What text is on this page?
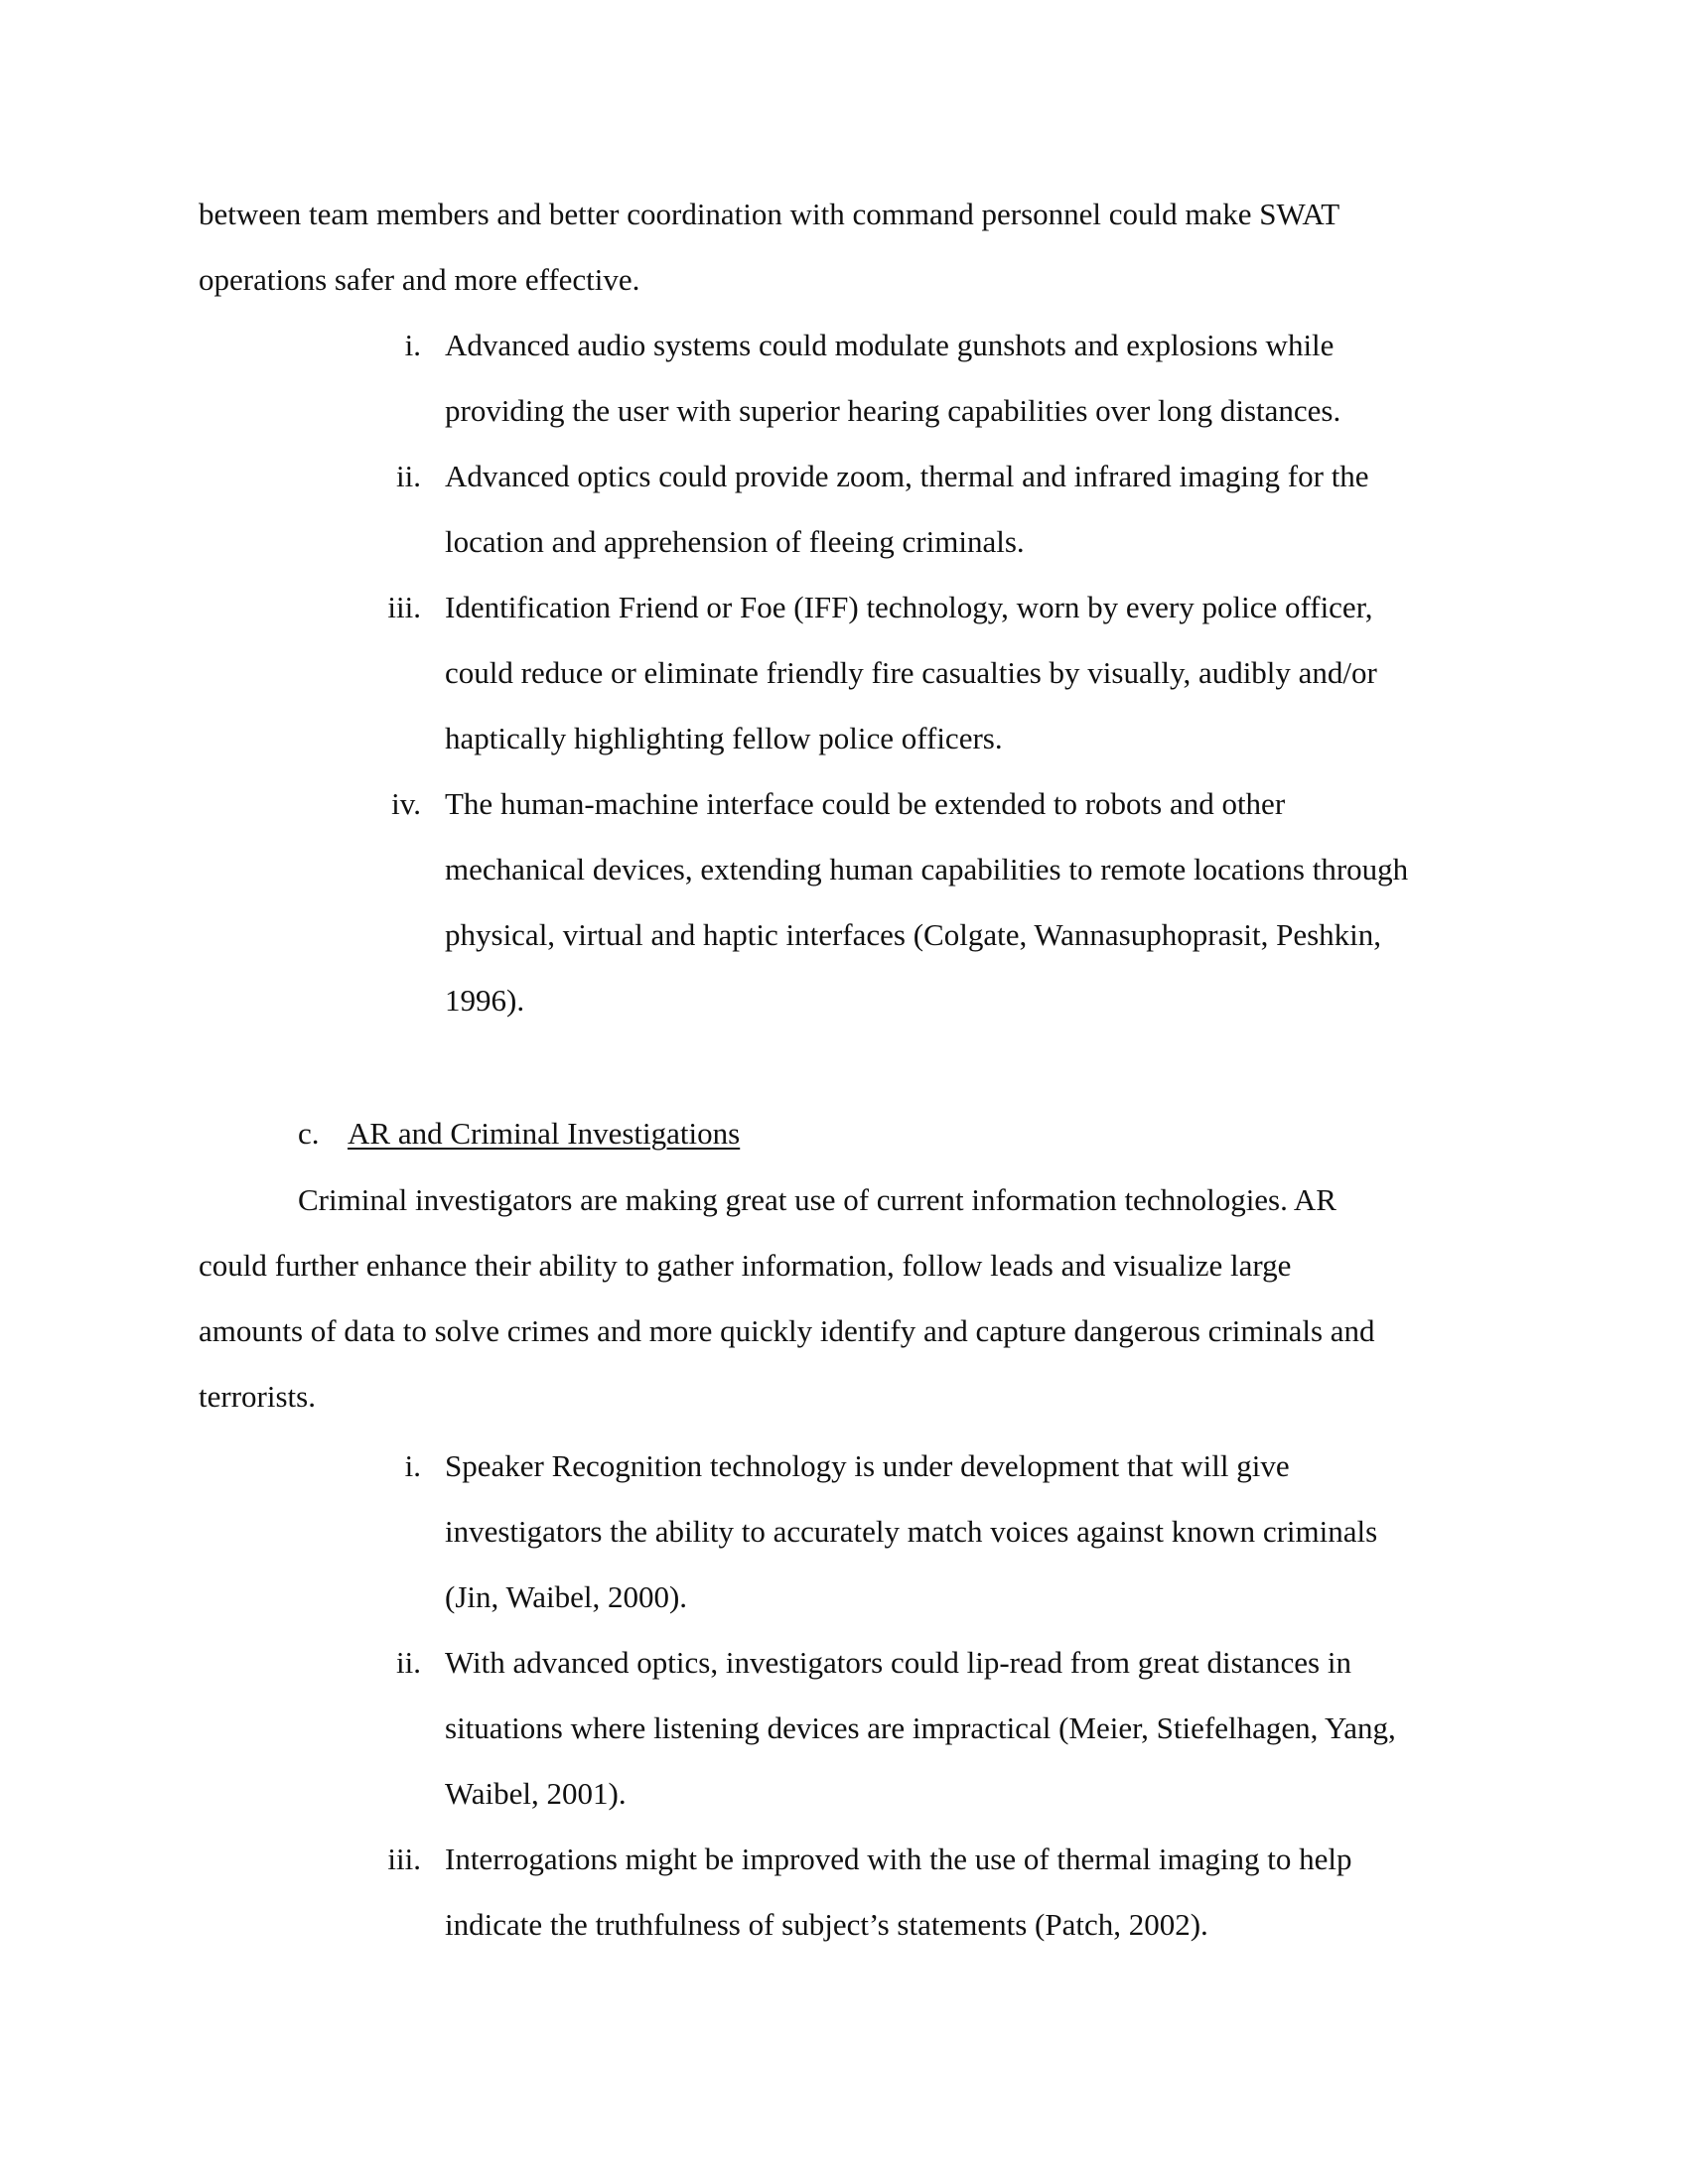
between team members and better coordination with command personnel could make SWAT

operations safer and more effective.

i. Advanced audio systems could modulate gunshots and explosions while
providing the user with superior hearing capabilities over long distances.
ii. Advanced optics could provide zoom, thermal and infrared imaging for the
location and apprehension of fleeing criminals.
iii. Identification Friend or Foe (IFF) technology, worn by every police officer,
could reduce or eliminate friendly fire casualties by visually, audibly and/or
haptically highlighting fellow police officers.
iv. The human-machine interface could be extended to robots and other
mechanical devices, extending human capabilities to remote locations through
physical, virtual and haptic interfaces (Colgate, Wannasuphoprasit, Peshkin,
1996).
c. AR and Criminal Investigations

Criminal investigators are making great use of current information technologies. AR

could further enhance their ability to gather information, follow leads and visualize large

amounts of data to solve crimes and more quickly identify and capture dangerous criminals and

terrorists.

i. Speaker Recognition technology is under development that will give
investigators the ability to accurately match voices against known criminals
(Jin, Waibel, 2000).
ii. With advanced optics, investigators could lip-read from great distances in
situations where listening devices are impractical (Meier, Stiefelhagen, Yang,
Waibel, 2001).
iii. Interrogations might be improved with the use of thermal imaging to help
indicate the truthfulness of subject’s statements (Patch, 2002).
